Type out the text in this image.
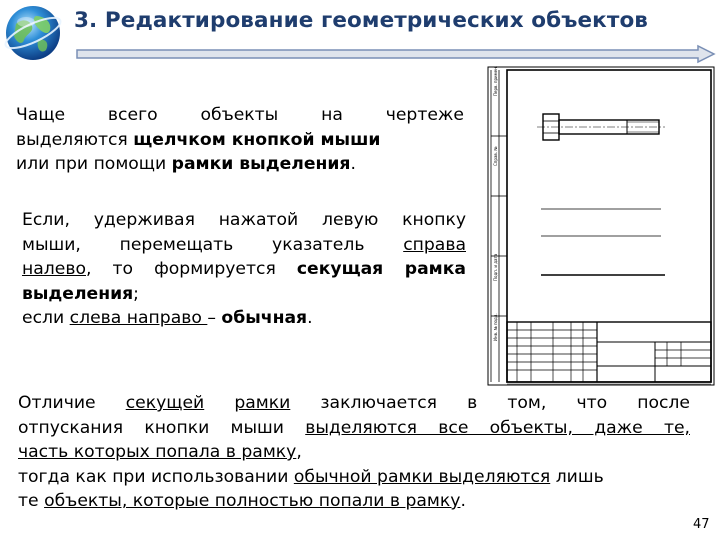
3. Редактирование геометрических объектов
Чаще всего объекты на чертеже
выделяются щелчком кнопкой мыши
или при помощи рамки выделения.
Если, удерживая нажатой левую кнопку
мыши, перемещать указатель справа
налево, то формируется секущая рамка
выделения;
если слева направо – обычная.
Перв. примен.
Справ. №
Подп. и дата
Инв. № подл.
Отличие секущей рамки заключается в том, что после
отпускания кнопки мыши выделяются все объекты, даже те,
часть которых попала в рамку,
тогда как при использовании обычной рамки выделяются лишь
те объекты, которые полностью попали в рамку.
47
